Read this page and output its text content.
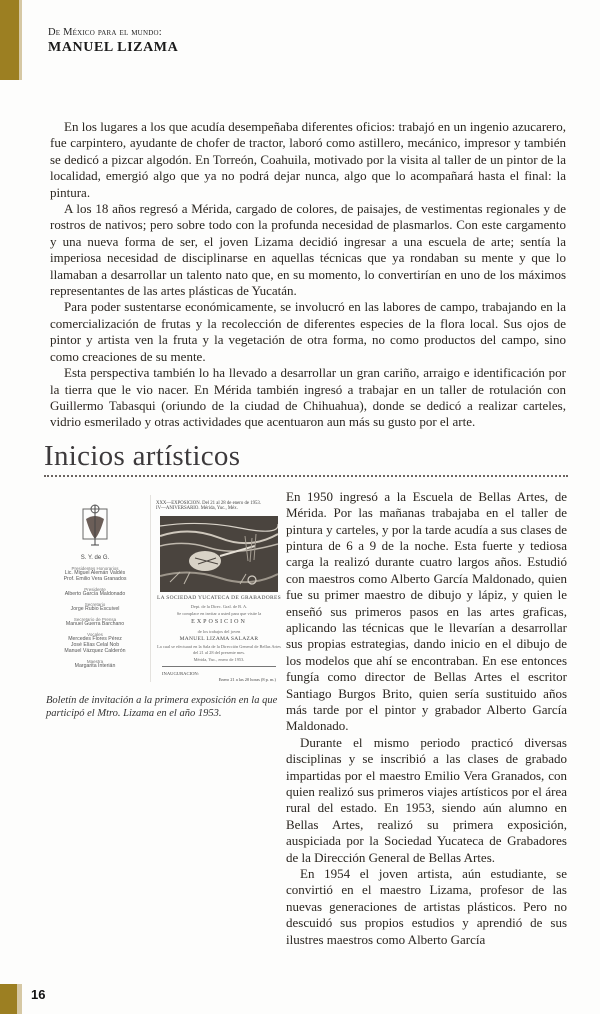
De México para el mundo:
MANUEL LIZAMA

En los lugares a los que acudía desempeñaba diferentes oficios: trabajó en un ingenio azucarero, fue carpintero, ayudante de chofer de tractor, laboró como astillero, mecánico, impresor y también se dedicó a pizcar algodón. En Torreón, Coahuila, motivado por la visita al taller de un pintor de la localidad, emergió algo que ya no podrá dejar nunca, algo que lo acompañará hasta el final: la pintura.

A los 18 años regresó a Mérida, cargado de colores, de paisajes, de vestimentas regionales y de rostros de nativos; pero sobre todo con la profunda necesidad de plasmarlos. Con este cargamento y una nueva forma de ser, el joven Lizama decidió ingresar a una escuela de arte; sentía la imperiosa necesidad de disciplinarse en aquellas técnicas que ya rondaban su mente y que lo llamaban a desarrollar un talento nato que, en su momento, lo convertirían en uno de los máximos representantes de las artes plásticas de Yucatán.

Para poder sustentarse económicamente, se involucró en las labores de campo, trabajando en la comercialización de frutas y la recolección de diferentes especies de la flora local. Sus ojos de pintor y artista ven la fruta y la vegetación de otra forma, no como productos del campo, sino como creaciones de su mente.

Esta perspectiva también lo ha llevado a desarrollar un gran cariño, arraigo e identificación por la tierra que le vio nacer. En Mérida también ingresó a trabajar en un taller de rotulación con Guillermo Tabasqui (oriundo de la ciudad de Chihuahua), donde se dedicó a realizar carteles, vidrio esmerilado y otras actividades que acentuaron aun más su gusto por el arte.

Inicios artísticos
S. Y. de G.
Presidentes Honorarios
Lic. Miguel Alemán Valdés
Prof. Emilio Vera Granados
Presidente
Alberto García Maldonado
Secretario
Jorge Rubio Escuivel
Secretario de Prensa
Manuel Guerra Barchano
Vocales
Mercedes Flores Pérez
José Elías Celal Nob
Manuel Vázquez Calderón
Maestra
Margarita Interián
XXX—EXPOSICION. Del 21 al 28 de enero de 1953.
IV—ANIVERSARIO. Mérida, Yuc., Méx.
LA SOCIEDAD YUCATECA DE GRABADORES
Dept. de la Direc. Gral. de B. A.
Se complace en invitar a usted para que visite la
EXPOSICION
de los trabajos del joven
MANUEL LIZAMA SALAZAR
La cual se efectuará en la Sala de la Dirección General de Bellas Artes del 21 al 28 del presente mes.
Mérida, Yuc., enero de 1953.
INAUGURACION:
Enero 21 a las 20 horas (8 p. m.)
Boletín de invitación a la primera exposición en la que participó el Mtro. Lizama en el año 1953.

En 1950 ingresó a la Escuela de Bellas Artes, de Mérida. Por las mañanas trabajaba en el taller de pintura y carteles, y por la tarde acudía a sus clases de pintura de 6 a 9 de la noche. Esta fuerte y tediosa carga la realizó durante cuatro largos años. Estudió con maestros como Alberto García Maldonado, quien fue su primer maestro de dibujo y lápiz, y quien le enseñó sus primeros pasos en las artes graficas, aplicando las técnicas que le llevarían a desarrollar sus propias estrategias, dando inicio en el dibujo de los modelos que ahí se encontraban. En ese entonces fungía como director de Bellas Artes el escritor Santiago Burgos Brito, quien sería sustituido años más tarde por el pintor y grabador Alberto García Maldonado.

Durante el mismo periodo practicó diversas disciplinas y se inscribió a las clases de grabado impartidas por el maestro Emilio Vera Granados, con quien realizó sus primeros viajes artísticos por el área rural del estado. En 1953, siendo aún alumno en Bellas Artes, realizó su primera exposición, auspiciada por la Sociedad Yucateca de Grabadores de la Dirección General de Bellas Artes.

En 1954 el joven artista, aún estudiante, se convirtió en el maestro Lizama, profesor de las nuevas generaciones de artistas plásticos. Pero no descuidó sus propios estudios y aprendió de sus ilustres maestros como Alberto García

16
